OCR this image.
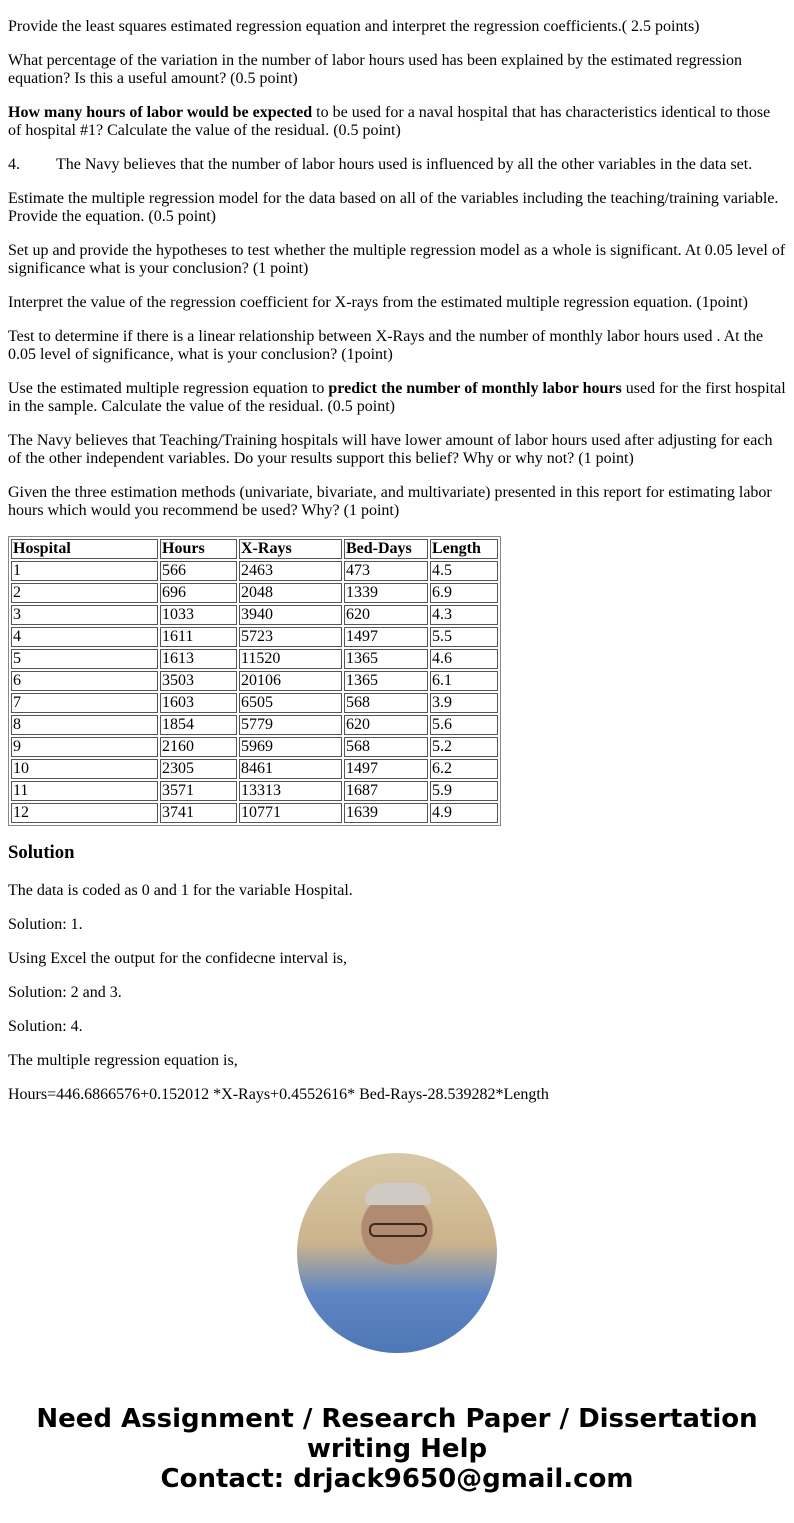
Provide the least squares estimated regression equation and interpret the regression coefficients.( 2.5 points)

What percentage of the variation in the number of labor hours used has been explained by the estimated regression equation? Is this a useful amount? (0.5 point)

How many hours of labor would be expected to be used for a naval hospital that has characteristics identical to those of hospital #1? Calculate the value of the residual. (0.5 point)

4. The Navy believes that the number of labor hours used is influenced by all the other variables in the data set.

Estimate the multiple regression model for the data based on all of the variables including the teaching/training variable. Provide the equation. (0.5 point)

Set up and provide the hypotheses to test whether the multiple regression model as a whole is significant. At 0.05 level of significance what is your conclusion? (1 point)

Interpret the value of the regression coefficient for X-rays from the estimated multiple regression equation. (1point)

Test to determine if there is a linear relationship between X-Rays and the number of monthly labor hours used . At the 0.05 level of significance, what is your conclusion? (1point)

Use the estimated multiple regression equation to predict the number of monthly labor hours used for the first hospital in the sample. Calculate the value of the residual. (0.5 point)

The Navy believes that Teaching/Training hospitals will have lower amount of labor hours used after adjusting for each of the other independent variables. Do your results support this belief? Why or why not? (1 point)

Given the three estimation methods (univariate, bivariate, and multivariate) presented in this report for estimating labor hours which would you recommend be used? Why? (1 point)

Hospital	Hours	X-Rays	Bed-Days	Length
1	566	2463	473	4.5
2	696	2048	1339	6.9
3	1033	3940	620	4.3
4	1611	5723	1497	5.5
5	1613	11520	1365	4.6
6	3503	20106	1365	6.1
7	1603	6505	568	3.9
8	1854	5779	620	5.6
9	2160	5969	568	5.2
10	2305	8461	1497	6.2
11	3571	13313	1687	5.9
12	3741	10771	1639	4.9
Solution

The data is coded as 0 and 1 for the variable Hospital.

Solution: 1.

Using Excel the output for the confidecne interval is,

Solution: 2 and 3.

Solution: 4.

The multiple regression equation is,

Hours=446.6866576+0.152012 *X-Rays+0.4552616* Bed-Rays-28.539282*Length

Need Assignment / Research Paper / Dissertation writing Help
Contact: drjack9650@gmail.com
